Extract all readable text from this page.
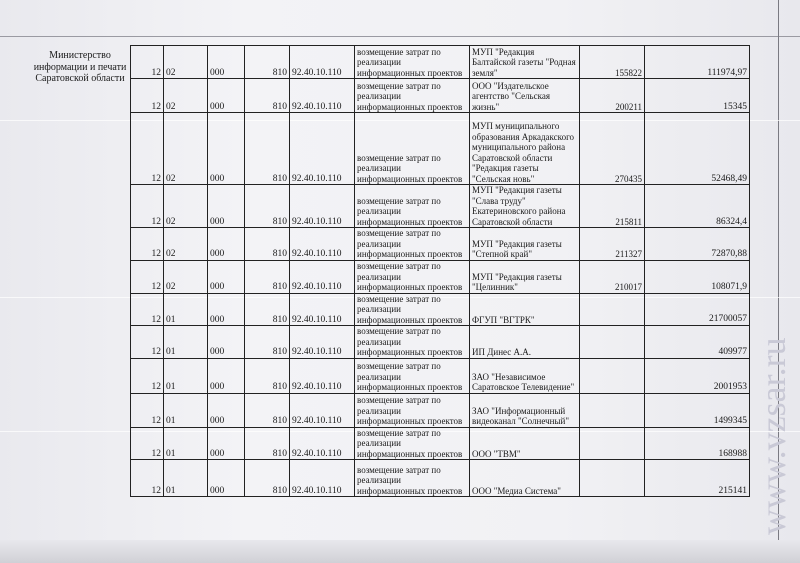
Министерство информации и печати Саратовской области
12	02	000	810	92.40.10.110	возмещение затрат по реализации информационных проектов	МУП "Редакция Балтайской газеты "Родная земля"	155822	111974,97
12	02	000	810	92.40.10.110	возмещение затрат по реализации информационных проектов	ООО "Издательское агентство "Сельская жизнь"	200211	15345
12	02	000	810	92.40.10.110	возмещение затрат по реализации информационных проектов	МУП муниципального образования Аркадакского муниципального района Саратовской области "Редакция газеты "Сельская новь"	270435	52468,49
12	02	000	810	92.40.10.110	возмещение затрат по реализации информационных проектов	МУП "Редакция газеты "Слава труду" Екатериновского района Саратовской области	215811	86324,4
12	02	000	810	92.40.10.110	возмещение затрат по реализации информационных проектов	МУП "Редакция газеты "Степной край"	211327	72870,88
12	02	000	810	92.40.10.110	возмещение затрат по реализации информационных проектов	МУП "Редакция газеты "Целинник"	210017	108071,9
12	01	000	810	92.40.10.110	возмещение затрат по реализации информационных проектов	ФГУП "ВГТРК"		21700057
12	01	000	810	92.40.10.110	возмещение затрат по реализации информационных проектов	ИП Динес А.А.		409977
12	01	000	810	92.40.10.110	возмещение затрат по реализации информационных проектов	ЗАО "Независимое Саратовское Телевидение"		2001953
12	01	000	810	92.40.10.110	возмещение затрат по реализации информационных проектов	ЗАО "Информационный видеоканал "Солнечный"		1499345
12	01	000	810	92.40.10.110	возмещение затрат по реализации информационных проектов	ООО "ТВМ"		168988
12	01	000	810	92.40.10.110	возмещение затрат по реализации информационных проектов	ООО "Медиа Система"		215141 www.vzsar.ru
